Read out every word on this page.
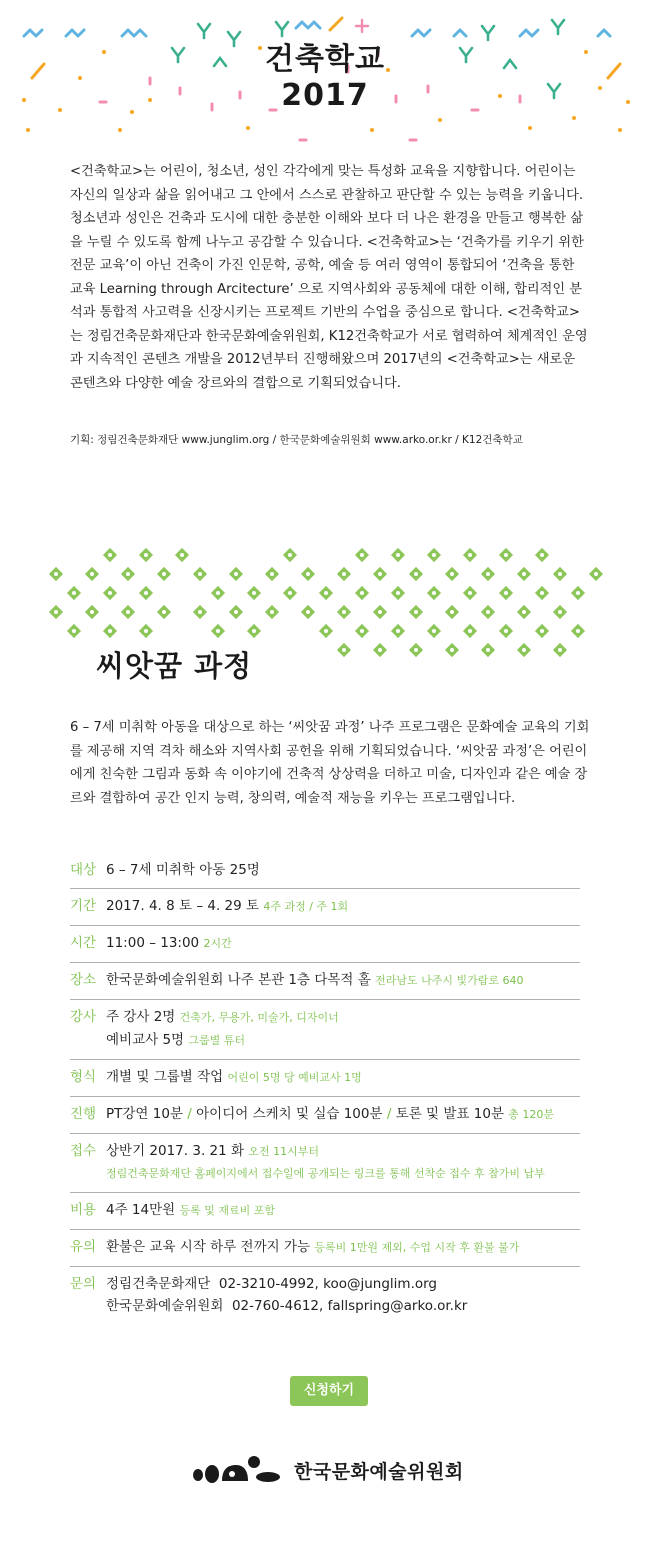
건축학교
2017

<건축학교>는 어린이, 청소년, 성인 각각에게 맞는 특성화 교육을 지향합니다. 어린이는 자신의 일상과 삶을 읽어내고 그 안에서 스스로 관찰하고 판단할 수 있는 능력을 키웁니다. 청소년과 성인은 건축과 도시에 대한 충분한 이해와 보다 더 나은 환경을 만들고 행복한 삶을 누릴 수 있도록 함께 나누고 공감할 수 있습니다. <건축학교>는 ‘건축가를 키우기 위한 전문 교육’이 아닌 건축이 가진 인문학, 공학, 예술 등 여러 영역이 통합되어 ‘건축을 통한 교육 Learning through Arcitecture’ 으로 지역사회와 공동체에 대한 이해, 합리적인 분석과 통합적 사고력을 신장시키는 프로젝트 기반의 수업을 중심으로 합니다. <건축학교>는 정림건축문화재단과 한국문화예술위원회, K12건축학교가 서로 협력하여 체계적인 운영과 지속적인 콘텐츠 개발을 2012년부터 진행해왔으며 2017년의 <건축학교>는 새로운 콘텐츠와 다양한 예술 장르와의 결합으로 기획되었습니다.

기획: 정림건축문화재단 www.junglim.org / 한국문화예술위원회 www.arko.or.kr / K12건축학교
씨앗꿈 과정

6 – 7세 미취학 아동을 대상으로 하는 ‘씨앗꿈 과정’ 나주 프로그램은 문화예술 교육의 기회를 제공해 지역 격차 해소와 지역사회 공헌을 위해 기획되었습니다. ‘씨앗꿈 과정’은 어린이에게 친숙한 그림과 동화 속 이야기에 건축적 상상력을 더하고 미술, 디자인과 같은 예술 장르와 결합하여 공간 인지 능력, 창의력, 예술적 재능을 키우는 프로그램입니다.

대상 6 – 7세 미취학 아동 25명
기간 2017. 4. 8 토 – 4. 29 토 4주 과정 / 주 1회
시간 11:00 – 13:00 2시간
장소 한국문화예술위원회 나주 본관 1층 다목적 홀 전라남도 나주시 빛가람로 640
강사 주 강사 2명 건축가, 무용가, 미술가, 디자이너
예비교사 5명 그룹별 튜터
형식 개별 및 그룹별 작업 어린이 5명 당 예비교사 1명
진행 PT강연 10분 / 아이디어 스케치 및 실습 100분 / 토론 및 발표 10분 총 120분
접수 상반기 2017. 3. 21 화 오전 11시부터
정림건축문화재단 홈페이지에서 접수일에 공개되는 링크를 통해 선착순 접수 후 참가비 납부
비용 4주 14만원 등록 및 재료비 포함
유의 환불은 교육 시작 하루 전까지 가능 등록비 1만원 제외, 수업 시작 후 환불 불가
문의 정림건축문화재단  02-3210-4992, koo@junglim.org
한국문화예술위원회  02-760-4612, fallspring@arko.or.kr
신청하기
한국문화예술위원회
